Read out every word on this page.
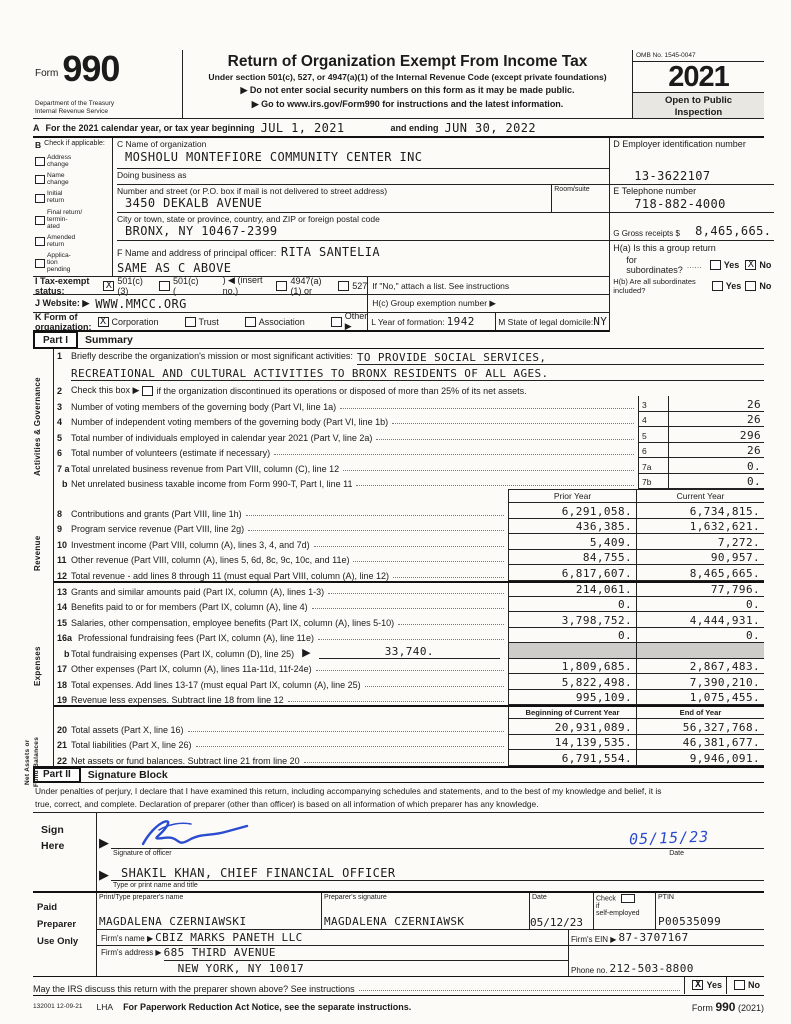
Form 990
Department of the Treasury
Internal Revenue Service
Return of Organization Exempt From Income Tax
Under section 501(c), 527, or 4947(a)(1) of the Internal Revenue Code (except private foundations)
▶ Do not enter social security numbers on this form as it may be made public.
▶ Go to www.irs.gov/Form990 for instructions and the latest information.
OMB No. 1545-0047
2021
Open to Public
Inspection
A For the 2021 calendar year, or tax year beginning JUL 1, 2021	and ending JUN 30, 2022
B Check if applicable:
Address
change
Name
change
Initial
return
Final return/
termin-
ated
Amended
return
Applica-
tion
pending
C Name of organization
MOSHOLU MONTEFIORE COMMUNITY CENTER INC
Doing business as
Number and street (or P.O. box if mail is not delivered to street address)	Room/suite
3450 DEKALB AVENUE
City or town, state or province, country, and ZIP or foreign postal code
BRONX, NY 10467-2399
F Name and address of principal officer: RITA SANTELIA
SAME AS C ABOVE
I Tax-exempt status:	X 501(c)(3)
501(c) (
) ◀ (insert no.)
4947(a)(1) or	527 If "No," attach a list. See instructions
J Website: ▶ WWW.MMCC.ORG	H(c) Group exemption number ▶
K Form of organization: X Corporation	Trust	Association
Other ▶	L Year of formation: 1942	M State of legal domicile: NY
D Employer identification number
13-3622107
E Telephone number
718-882-4000
G Gross receipts $ 8,465,665.
H(a) Is this a group return
for subordinates? ...... Yes X No
H(b) Are all subordinates included?	Yes No
Part I	Summary
Activities & Governance
Revenue
Expenses
Net Assets or Fund Balances
1 Briefly describe the organization's mission or most significant activities: TO PROVIDE SOCIAL SERVICES,
RECREATIONAL AND CULTURAL ACTIVITIES TO BRONX RESIDENTS OF ALL AGES.
2 Check this box ▶ if the organization discontinued its operations or disposed of more than 25% of its net assets.
3 Number of voting members of the governing body (Part VI, line 1a)	3	26
4 Number of independent voting members of the governing body (Part VI, line 1b)	4	26
5 Total number of individuals employed in calendar year 2021 (Part V, line 2a)	5	296
6 Total number of volunteers (estimate if necessary)	6	26
7 a Total unrelated business revenue from Part VIII, column (C), line 12	7a	0.
b Net unrelated business taxable income from Form 990-T, Part I, line 11	7b	0.
Prior Year	Current Year
8 Contributions and grants (Part VIII, line 1h)	6,291,058.	6,734,815.
9 Program service revenue (Part VIII, line 2g)	436,385.	1,632,621.
10 Investment income (Part VIII, column (A), lines 3, 4, and 7d)	5,409.	7,272.
11 Other revenue (Part VIII, column (A), lines 5, 6d, 8c, 9c, 10c, and 11e)	84,755.	90,957.
12 Total revenue - add lines 8 through 11 (must equal Part VIII, column (A), line 12)	6,817,607.	8,465,665.
13 Grants and similar amounts paid (Part IX, column (A), lines 1-3)	214,061.	77,796.
14 Benefits paid to or for members (Part IX, column (A), line 4)	0.	0.
15 Salaries, other compensation, employee benefits (Part IX, column (A), lines 5-10)	3,798,752.	4,444,931.
16a Professional fundraising fees (Part IX, column (A), line 11e)	0.	0.
b Total fundraising expenses (Part IX, column (D), line 25) ▶	33,740.
17 Other expenses (Part IX, column (A), lines 11a-11d, 11f-24e)	1,809,685.	2,867,483.
18 Total expenses. Add lines 13-17 (must equal Part IX, column (A), line 25)	5,822,498.	7,390,210.
19 Revenue less expenses. Subtract line 18 from line 12	995,109.	1,075,455.
Beginning of Current Year	End of Year
20 Total assets (Part X, line 16)	20,931,089.	56,327,768.
21 Total liabilities (Part X, line 26)	14,139,535.	46,381,677.
22 Net assets or fund balances. Subtract line 21 from line 20	6,791,554.	9,946,091.
Part II	Signature Block
Under penalties of perjury, I declare that I have examined this return, including accompanying schedules and statements, and to the best of my knowledge and belief, it is
true, correct, and complete. Declaration of preparer (other than officer) is based on all information of which preparer has any knowledge.
Sign
Here	▶	05/15/23
Signature of officer	Date
▶	SHAKIL KHAN, CHIEF FINANCIAL OFFICER
Type or print name and title
Paid
Preparer
Use Only
Print/Type preparer's name
MAGDALENA CZERNIAWSKI
Preparer's signature
MAGDALENA CZERNIAWSK
Date
05/12/23
Check
if
self-employed
PTIN
P00535099
Firm's name ▶ CBIZ MARKS PANETH LLC	Firm's EIN ▶ 87-3707167
Firm's address ▶ 685 THIRD AVENUE
NEW YORK, NY 10017	Phone no. 212-503-8800
May the IRS discuss this return with the preparer shown above? See instructions	X Yes	No
132001 12-09-21 LHA For Paperwork Reduction Act Notice, see the separate instructions.	Form 990 (2021)
